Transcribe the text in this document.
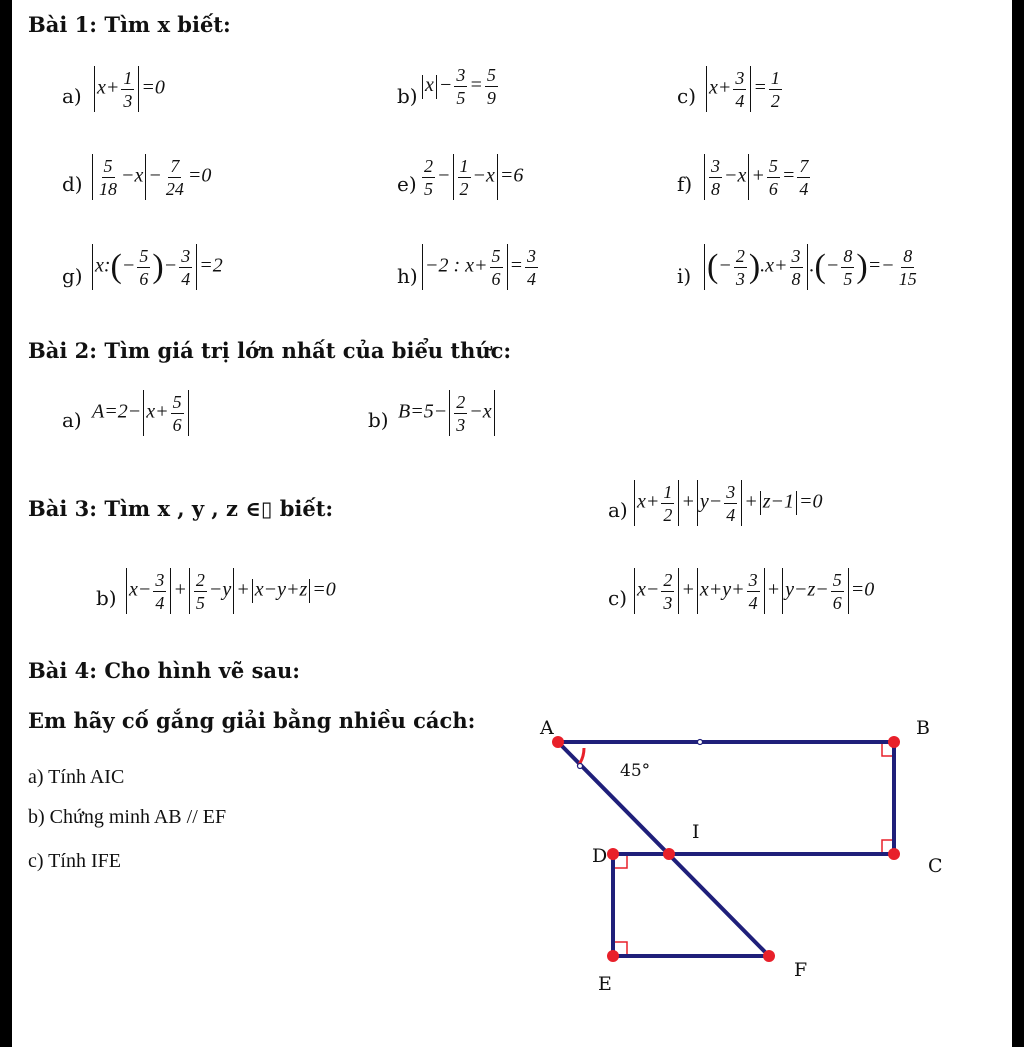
Bài 1: Tìm x biết:
a) $x+ \frac{1}{3} =0$	b) $x - \frac{3}{5} = \frac{5}{9}$	c) $x+ \frac{3}{4} = \frac{1}{2}$
$d) \frac{5}{18} -x - \frac{7}{24} =0$	$e) \frac{2}{5} - \frac{1}{2} -x =6$	$f) \frac{3}{8} -x + \frac{5}{6} = \frac{7}{4}$
g) x:(− $\frac{5}{6}$ )− $\frac{3}{4} =2$	h) −2 : $x+ \frac{5}{6} = \frac{3}{4}$	i) (− $\frac{2}{3} ).x+ \frac{3}{8}$ .(− $\frac{8}{5}$ )=− $\frac{8}{15}$
Bài 2: Tìm giá trị lớn nhất của biểu thức:
a) $A=2- x+ \frac{5}{6}$	b) $B=5- \frac{2}{3} -x$
Bài 3: Tìm x , y , z ∈▯ biết:	a) $x+ \frac{1}{2} + y- \frac{3}{4} + z-1 =0$
b) $x- \frac{3}{4} + \frac{2}{5} -y + x-y+z =0$	c) $x- \frac{2}{3} + x+y+ \frac{3}{4} + y-z- \frac{5}{6} =0$
Bài 4: Cho hình vẽ sau:
Em hãy cố gắng giải bằng nhiều cách:
a) Tính AIC
b) Chứng minh AB // EF
c) Tính IFE
A	B
C
D
E
F
I
45°
